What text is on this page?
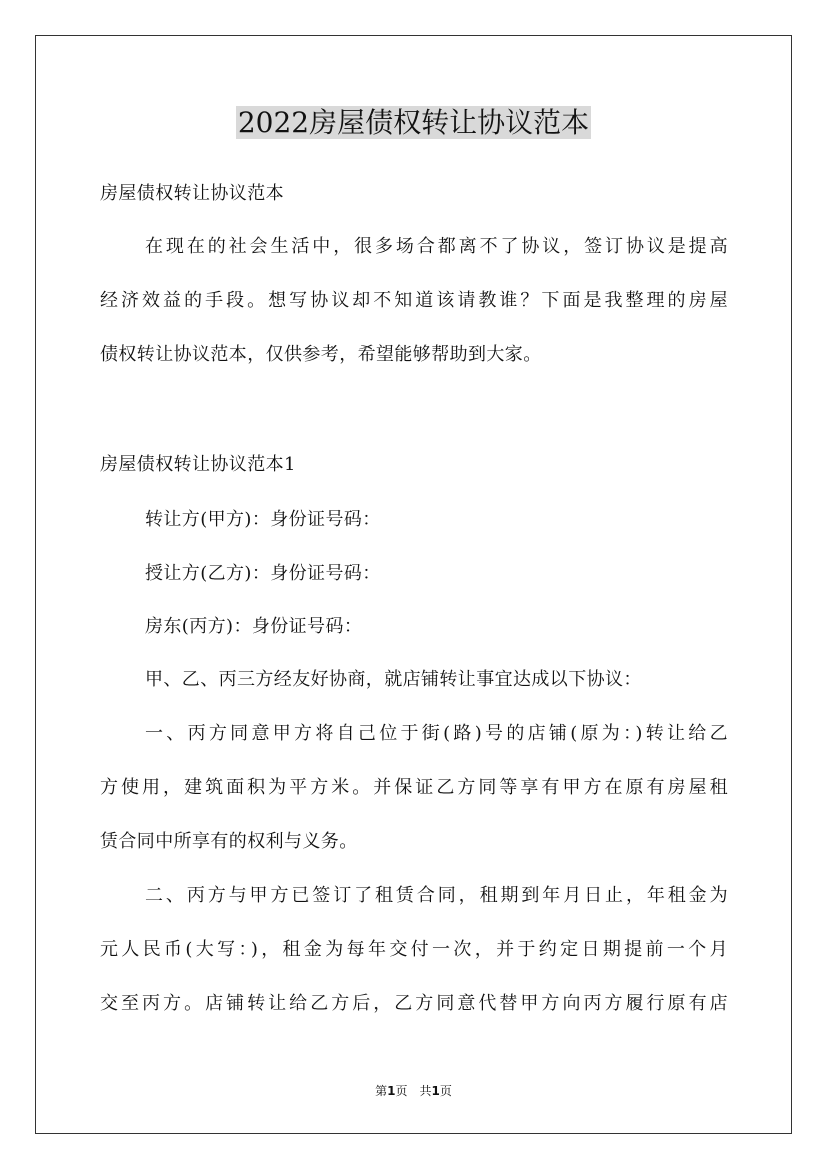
2022房屋债权转让协议范本

房屋债权转让协议范本

在现在的社会生活中，很多场合都离不了协议，签订协议是提高

经济效益的手段。想写协议却不知道该请教谁？下面是我整理的房屋

债权转让协议范本，仅供参考，希望能够帮助到大家。

房屋债权转让协议范本1

转让方(甲方)：身份证号码：

授让方(乙方)：身份证号码：

房东(丙方)：身份证号码：

甲、乙、丙三方经友好协商，就店铺转让事宜达成以下协议：

一、丙方同意甲方将自己位于街(路)号的店铺(原为：)转让给乙

方使用，建筑面积为平方米。并保证乙方同等享有甲方在原有房屋租

赁合同中所享有的权利与义务。

二、丙方与甲方已签订了租赁合同，租期到年月日止，年租金为

元人民币(大写：)，租金为每年交付一次，并于约定日期提前一个月

交至丙方。店铺转让给乙方后，乙方同意代替甲方向丙方履行原有店

第1页 共1页
